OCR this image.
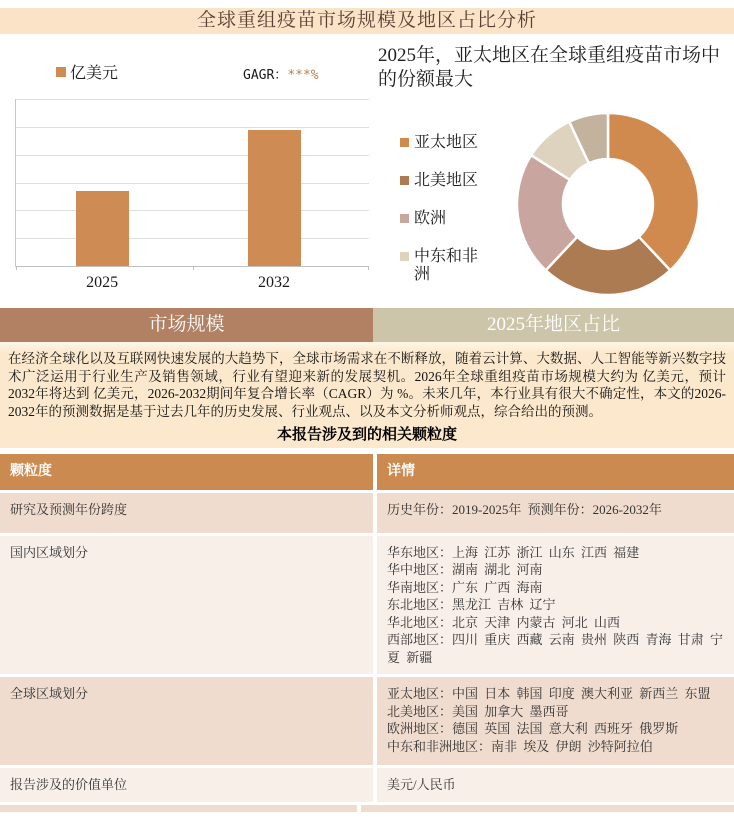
全球重组疫苗市场规模及地区占比分析
亿美元	GAGR：***%
2025	2032
2025年，亚太地区在全球重组疫苗市场中的份额最大
亚太地区
北美地区
欧洲
中东和非洲
市场规模	2025年地区占比

在经济全球化以及互联网快速发展的大趋势下，全球市场需求在不断释放，随着云计算、大数据、人工智能等新兴数字技术广泛运用于行业生产及销售领域，行业有望迎来新的发展契机。2026年全球重组疫苗市场规模大约为 亿美元，预计2032年将达到 亿美元，2026-2032期间年复合增长率（CAGR）为 %。未来几年，本行业具有很大不确定性，本文的2026-2032年的预测数据是基于过去几年的历史发展、行业观点、以及本文分析师观点，综合给出的预测。

本报告涉及到的相关颗粒度
颗粒度	详情
研究及预测年份跨度	历史年份：2019-2025年 预测年份：2026-2032年
国内区域划分	华东地区：上海 江苏 浙江 山东 江西 福建
华中地区：湖南 湖北 河南
华南地区：广东 广西 海南
东北地区：黑龙江 吉林 辽宁
华北地区：北京 天津 内蒙古 河北 山西
西部地区：四川 重庆 西藏 云南 贵州 陕西 青海 甘肃 宁夏 新疆
全球区域划分	亚太地区：中国 日本 韩国 印度 澳大利亚 新西兰 东盟
北美地区：美国 加拿大 墨西哥
欧洲地区：德国 英国 法国 意大利 西班牙 俄罗斯
中东和非洲地区：南非 埃及 伊朗 沙特阿拉伯
报告涉及的价值单位	美元/人民币
